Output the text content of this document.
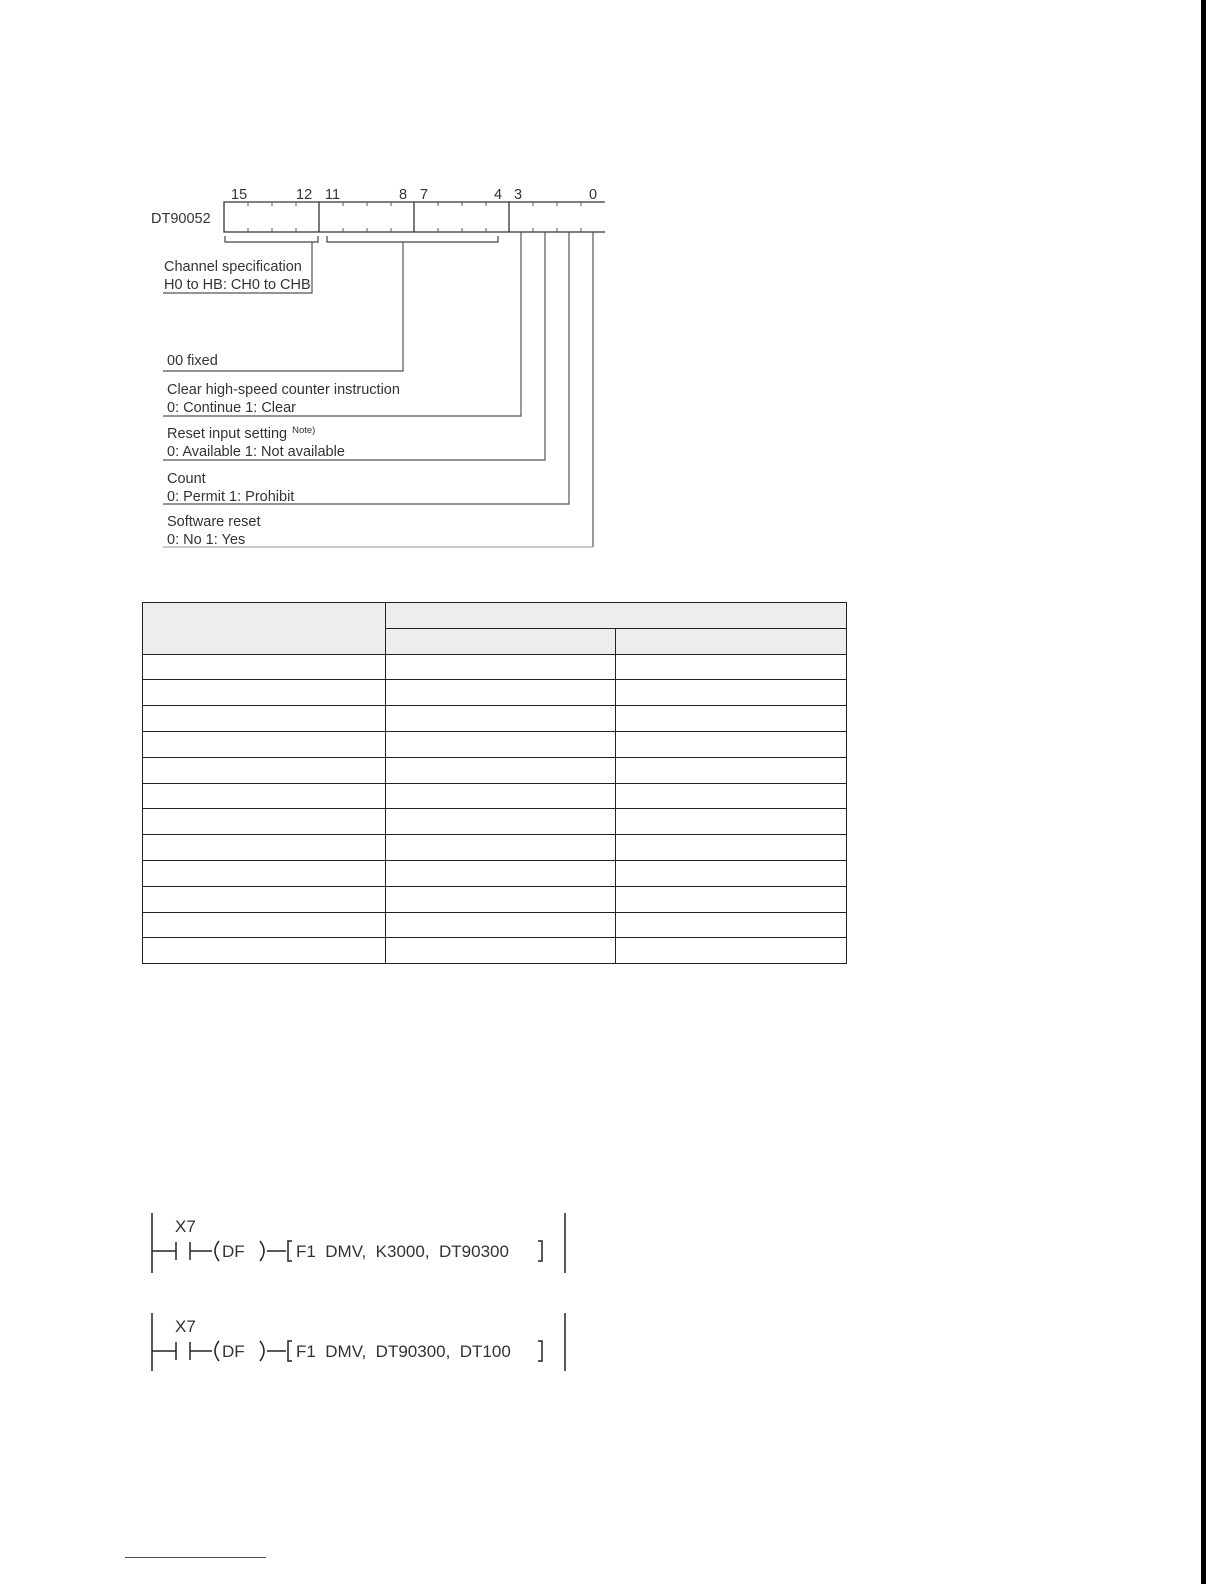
15	12 11	8 7	4 3	0
DT90052
Channel specification
H0 to HB: CH0 to CHB
00 fixed
Clear high-speed counter instruction
0: Continue 1: Clear
Reset input setting $^{Note)}$
0: Available 1: Not available
Count
0: Permit 1: Prohibit
Software reset
0: No 1: Yes

X7
DF	F1  DMV,  K3000,  DT90300
X7
DF	F1  DMV,  DT90300,  DT100
